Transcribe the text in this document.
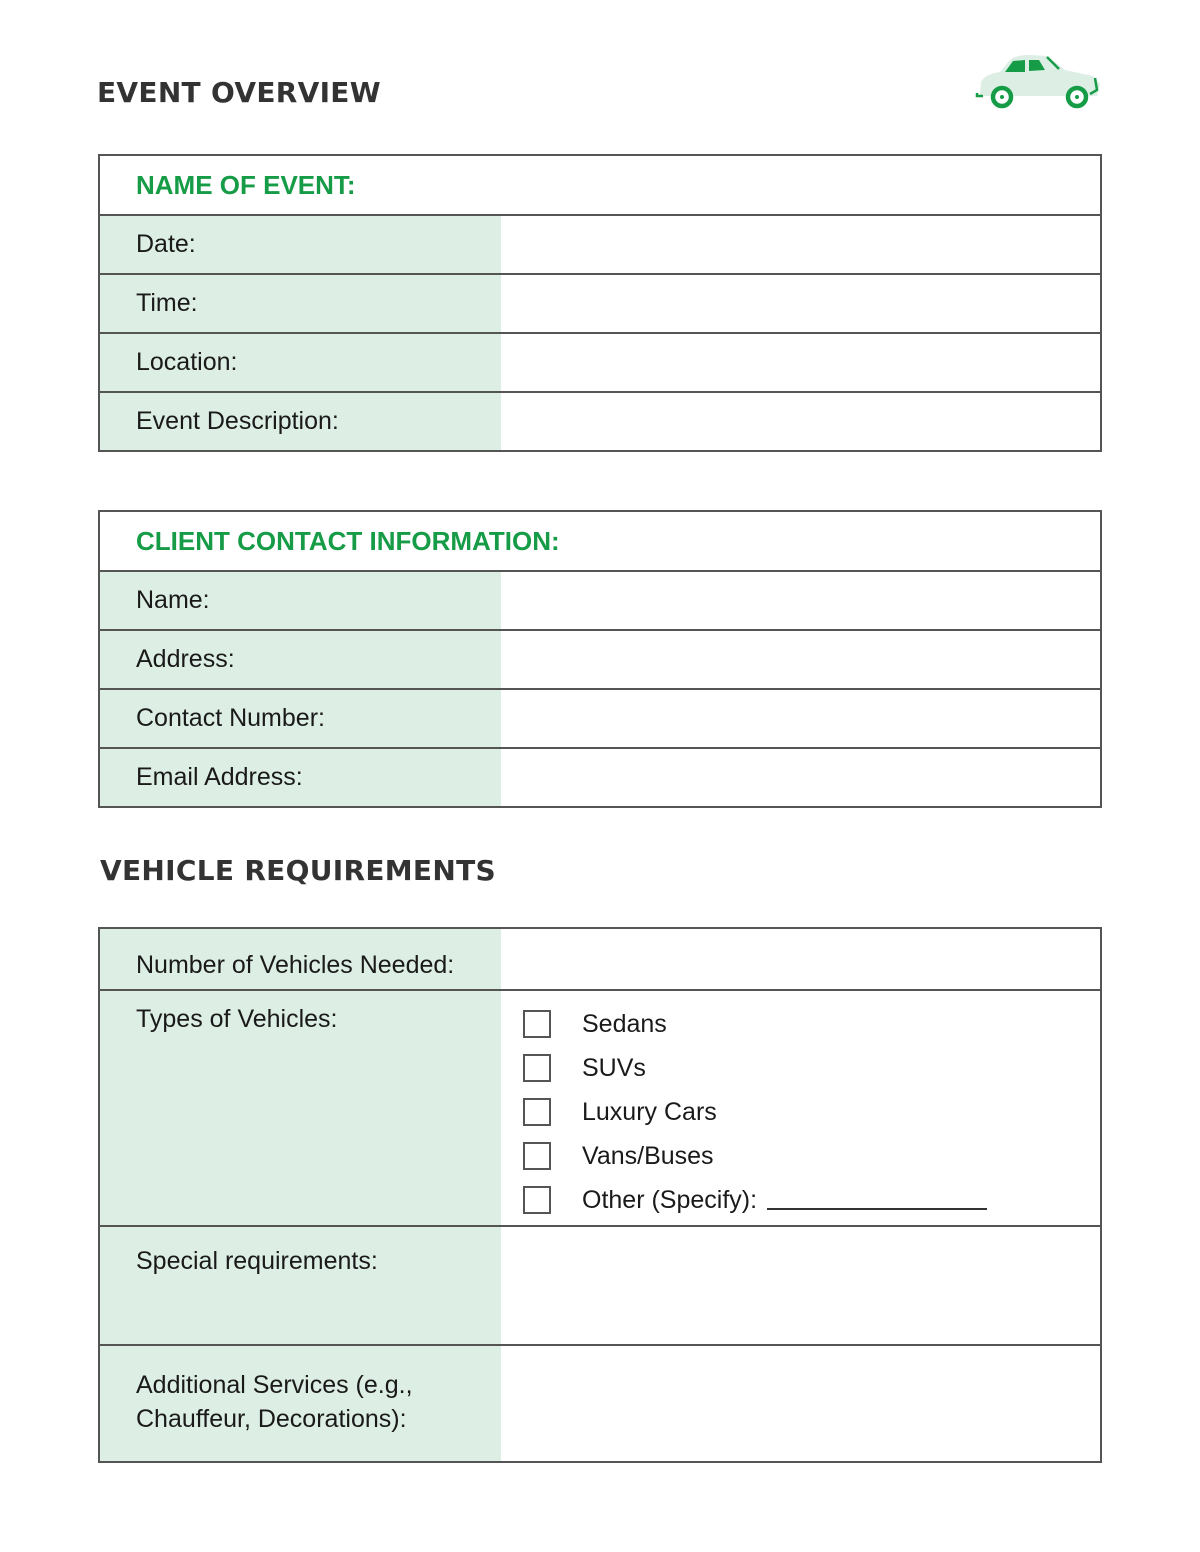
EVENT OVERVIEW
NAME OF EVENT:
Date:
Time:
Location:
Event Description:
CLIENT CONTACT INFORMATION:
Name:
Address:
Contact Number:
Email Address:
VEHICLE REQUIREMENTS
Number of Vehicles Needed:
Types of Vehicles:	Sedans
SUVs
Luxury Cars
Vans/Buses
Other (Specify):
Special requirements:
Additional Services (e.g.,
Chauffeur, Decorations):
